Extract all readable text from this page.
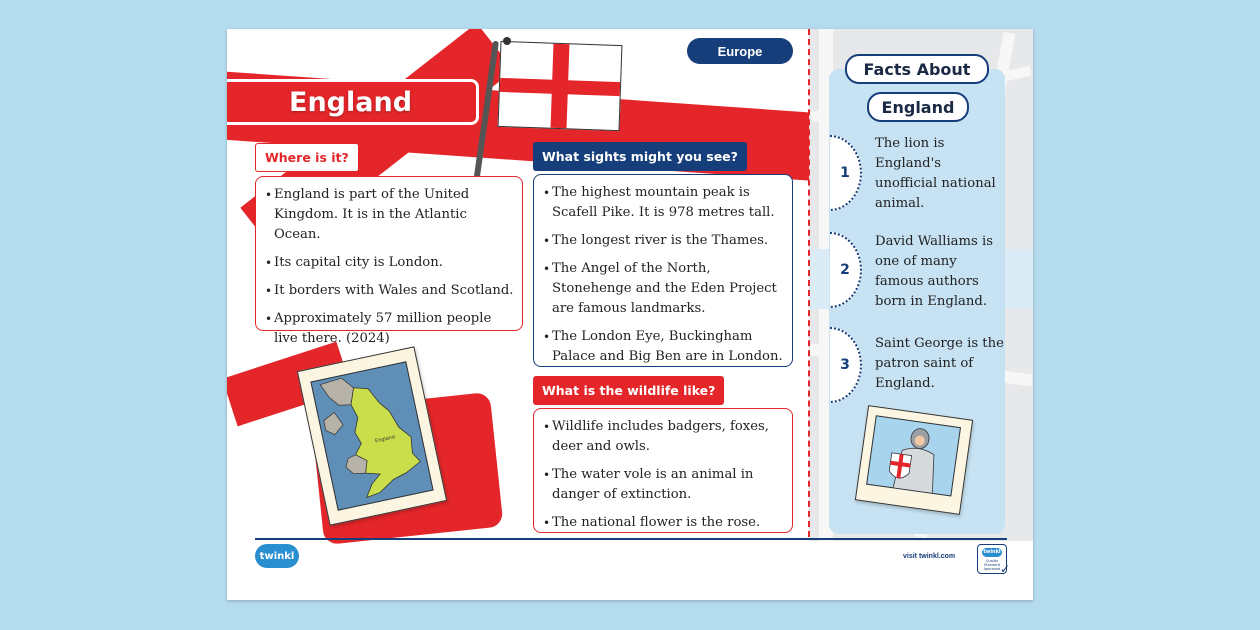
Europe
England
Where is it?
• England is part of the United Kingdom. It is in the Atlantic Ocean.
• Its capital city is London.
• It borders with Wales and Scotland.
• Approximately 57 million people live there. (2024)
What sights might you see?
• The highest mountain peak is Scafell Pike. It is 978 metres tall.
• The longest river is the Thames.
• The Angel of the North, Stonehenge and the Eden Project are famous landmarks.
• The London Eye, Buckingham Palace and Big Ben are in London.
What is the wildlife like?
• Wildlife includes badgers, foxes, deer and owls.
• The water vole is an animal in danger of extinction.
• The national flower is the rose.
England
Facts About
England
1
The lion is England's unofficial national animal.
2
David Walliams is one of many famous authors born in England.
3
Saint George is the patron saint of England.
twinkl	visit twinkl.com
twinkl
Quality Standard Approved ✓
